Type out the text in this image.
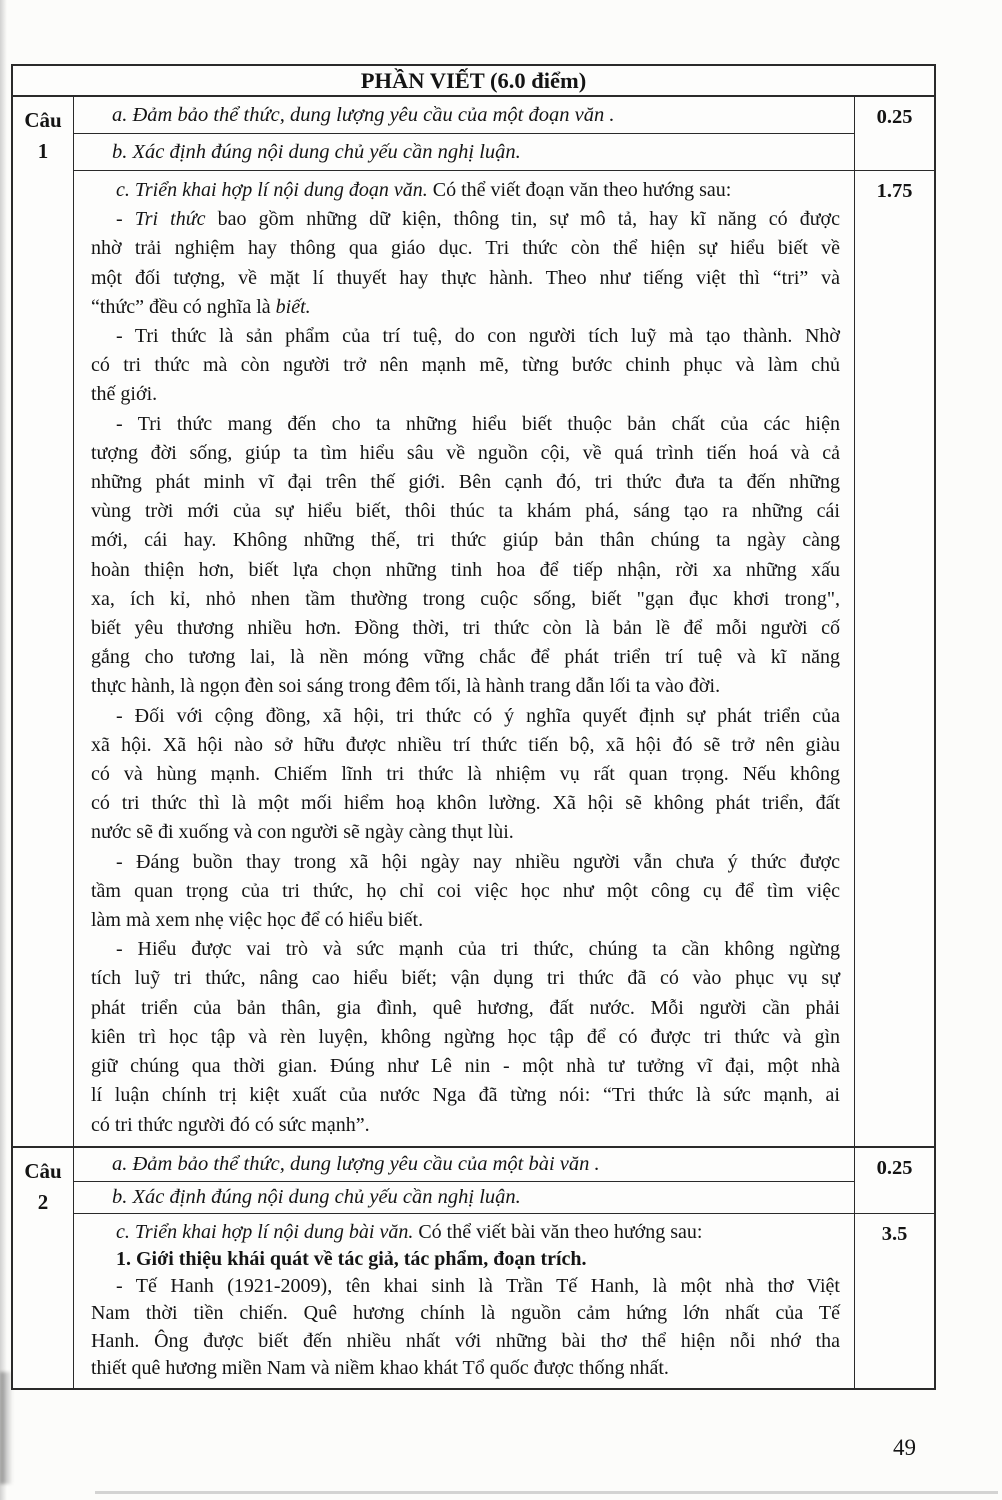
PHẦN VIẾT (6.0 điểm)
Câu
1
a. Đảm bảo thể thức, dung lượng yêu cầu của một đoạn văn .
b. Xác định đúng nội dung chủ yếu cần nghị luận.
0.25
c. Triển khai hợp lí nội dung đoạn văn. Có thể viết đoạn văn theo hướng sau:
- Tri thức bao gồm những dữ kiện, thông tin, sự mô tả, hay kĩ năng có được
nhờ trải nghiệm hay thông qua giáo dục. Tri thức còn thể hiện sự hiểu biết về
một đối tượng, về mặt lí thuyết hay thực hành. Theo như tiếng việt thì “tri” và
“thức” đều có nghĩa là biết.
- Tri thức là sản phẩm của trí tuệ, do con người tích luỹ mà tạo thành. Nhờ
có tri thức mà còn người trở nên mạnh mẽ, từng bước chinh phục và làm chủ
thế giới.
- Tri thức mang đến cho ta những hiểu biết thuộc bản chất của các hiện
tượng đời sống, giúp ta tìm hiểu sâu về nguồn cội, về quá trình tiến hoá và cả
những phát minh vĩ đại trên thế giới. Bên cạnh đó, tri thức đưa ta đến những
vùng trời mới của sự hiểu biết, thôi thúc ta khám phá, sáng tạo ra những cái
mới, cái hay. Không những thế, tri thức giúp bản thân chúng ta ngày càng
hoàn thiện hơn, biết lựa chọn những tinh hoa để tiếp nhận, rời xa những xấu
xa, ích kỉ, nhỏ nhen tầm thường trong cuộc sống, biết "gạn đục khơi trong",
biết yêu thương nhiều hơn. Đồng thời, tri thức còn là bản lề để mỗi người cố
gắng cho tương lai, là nền móng vững chắc để phát triển trí tuệ và kĩ năng
thực hành, là ngọn đèn soi sáng trong đêm tối, là hành trang dẫn lối ta vào đời.
- Đối với cộng đồng, xã hội, tri thức có ý nghĩa quyết định sự phát triển của
xã hội. Xã hội nào sở hữu được nhiều trí thức tiến bộ, xã hội đó sẽ trở nên giàu
có và hùng mạnh. Chiếm lĩnh tri thức là nhiệm vụ rất quan trọng. Nếu không
có tri thức thì là một mối hiểm hoạ khôn lường. Xã hội sẽ không phát triển, đất
nước sẽ đi xuống và con người sẽ ngày càng thụt lùi.
- Đáng buồn thay trong xã hội ngày nay nhiều người vẫn chưa ý thức được
tầm quan trọng của tri thức, họ chỉ coi việc học như một công cụ để tìm việc
làm mà xem nhẹ việc học để có hiểu biết.
- Hiểu được vai trò và sức mạnh của tri thức, chúng ta cần không ngừng
tích luỹ tri thức, nâng cao hiểu biết; vận dụng tri thức đã có vào phục vụ sự
phát triển của bản thân, gia đình, quê hương, đất nước. Mỗi người cần phải
kiên trì học tập và rèn luyện, không ngừng học tập để có được tri thức và gìn
giữ chúng qua thời gian. Đúng như Lê nin - một nhà tư tưởng vĩ đại, một nhà
lí luận chính trị kiệt xuất của nước Nga đã từng nói: “Tri thức là sức mạnh, ai
có tri thức người đó có sức mạnh”.
1.75
Câu
2
a. Đảm bảo thể thức, dung lượng yêu cầu của một bài văn .
b. Xác định đúng nội dung chủ yếu cần nghị luận.
0.25
c. Triển khai hợp lí nội dung bài văn. Có thể viết bài văn theo hướng sau:
1. Giới thiệu khái quát về tác giả, tác phẩm, đoạn trích.
- Tế Hanh (1921-2009), tên khai sinh là Trần Tế Hanh, là một nhà thơ Việt
Nam thời tiền chiến. Quê hương chính là nguồn cảm hứng lớn nhất của Tế
Hanh. Ông được biết đến nhiều nhất với những bài thơ thể hiện nỗi nhớ tha
thiết quê hương miền Nam và niềm khao khát Tổ quốc được thống nhất.
3.5
49
